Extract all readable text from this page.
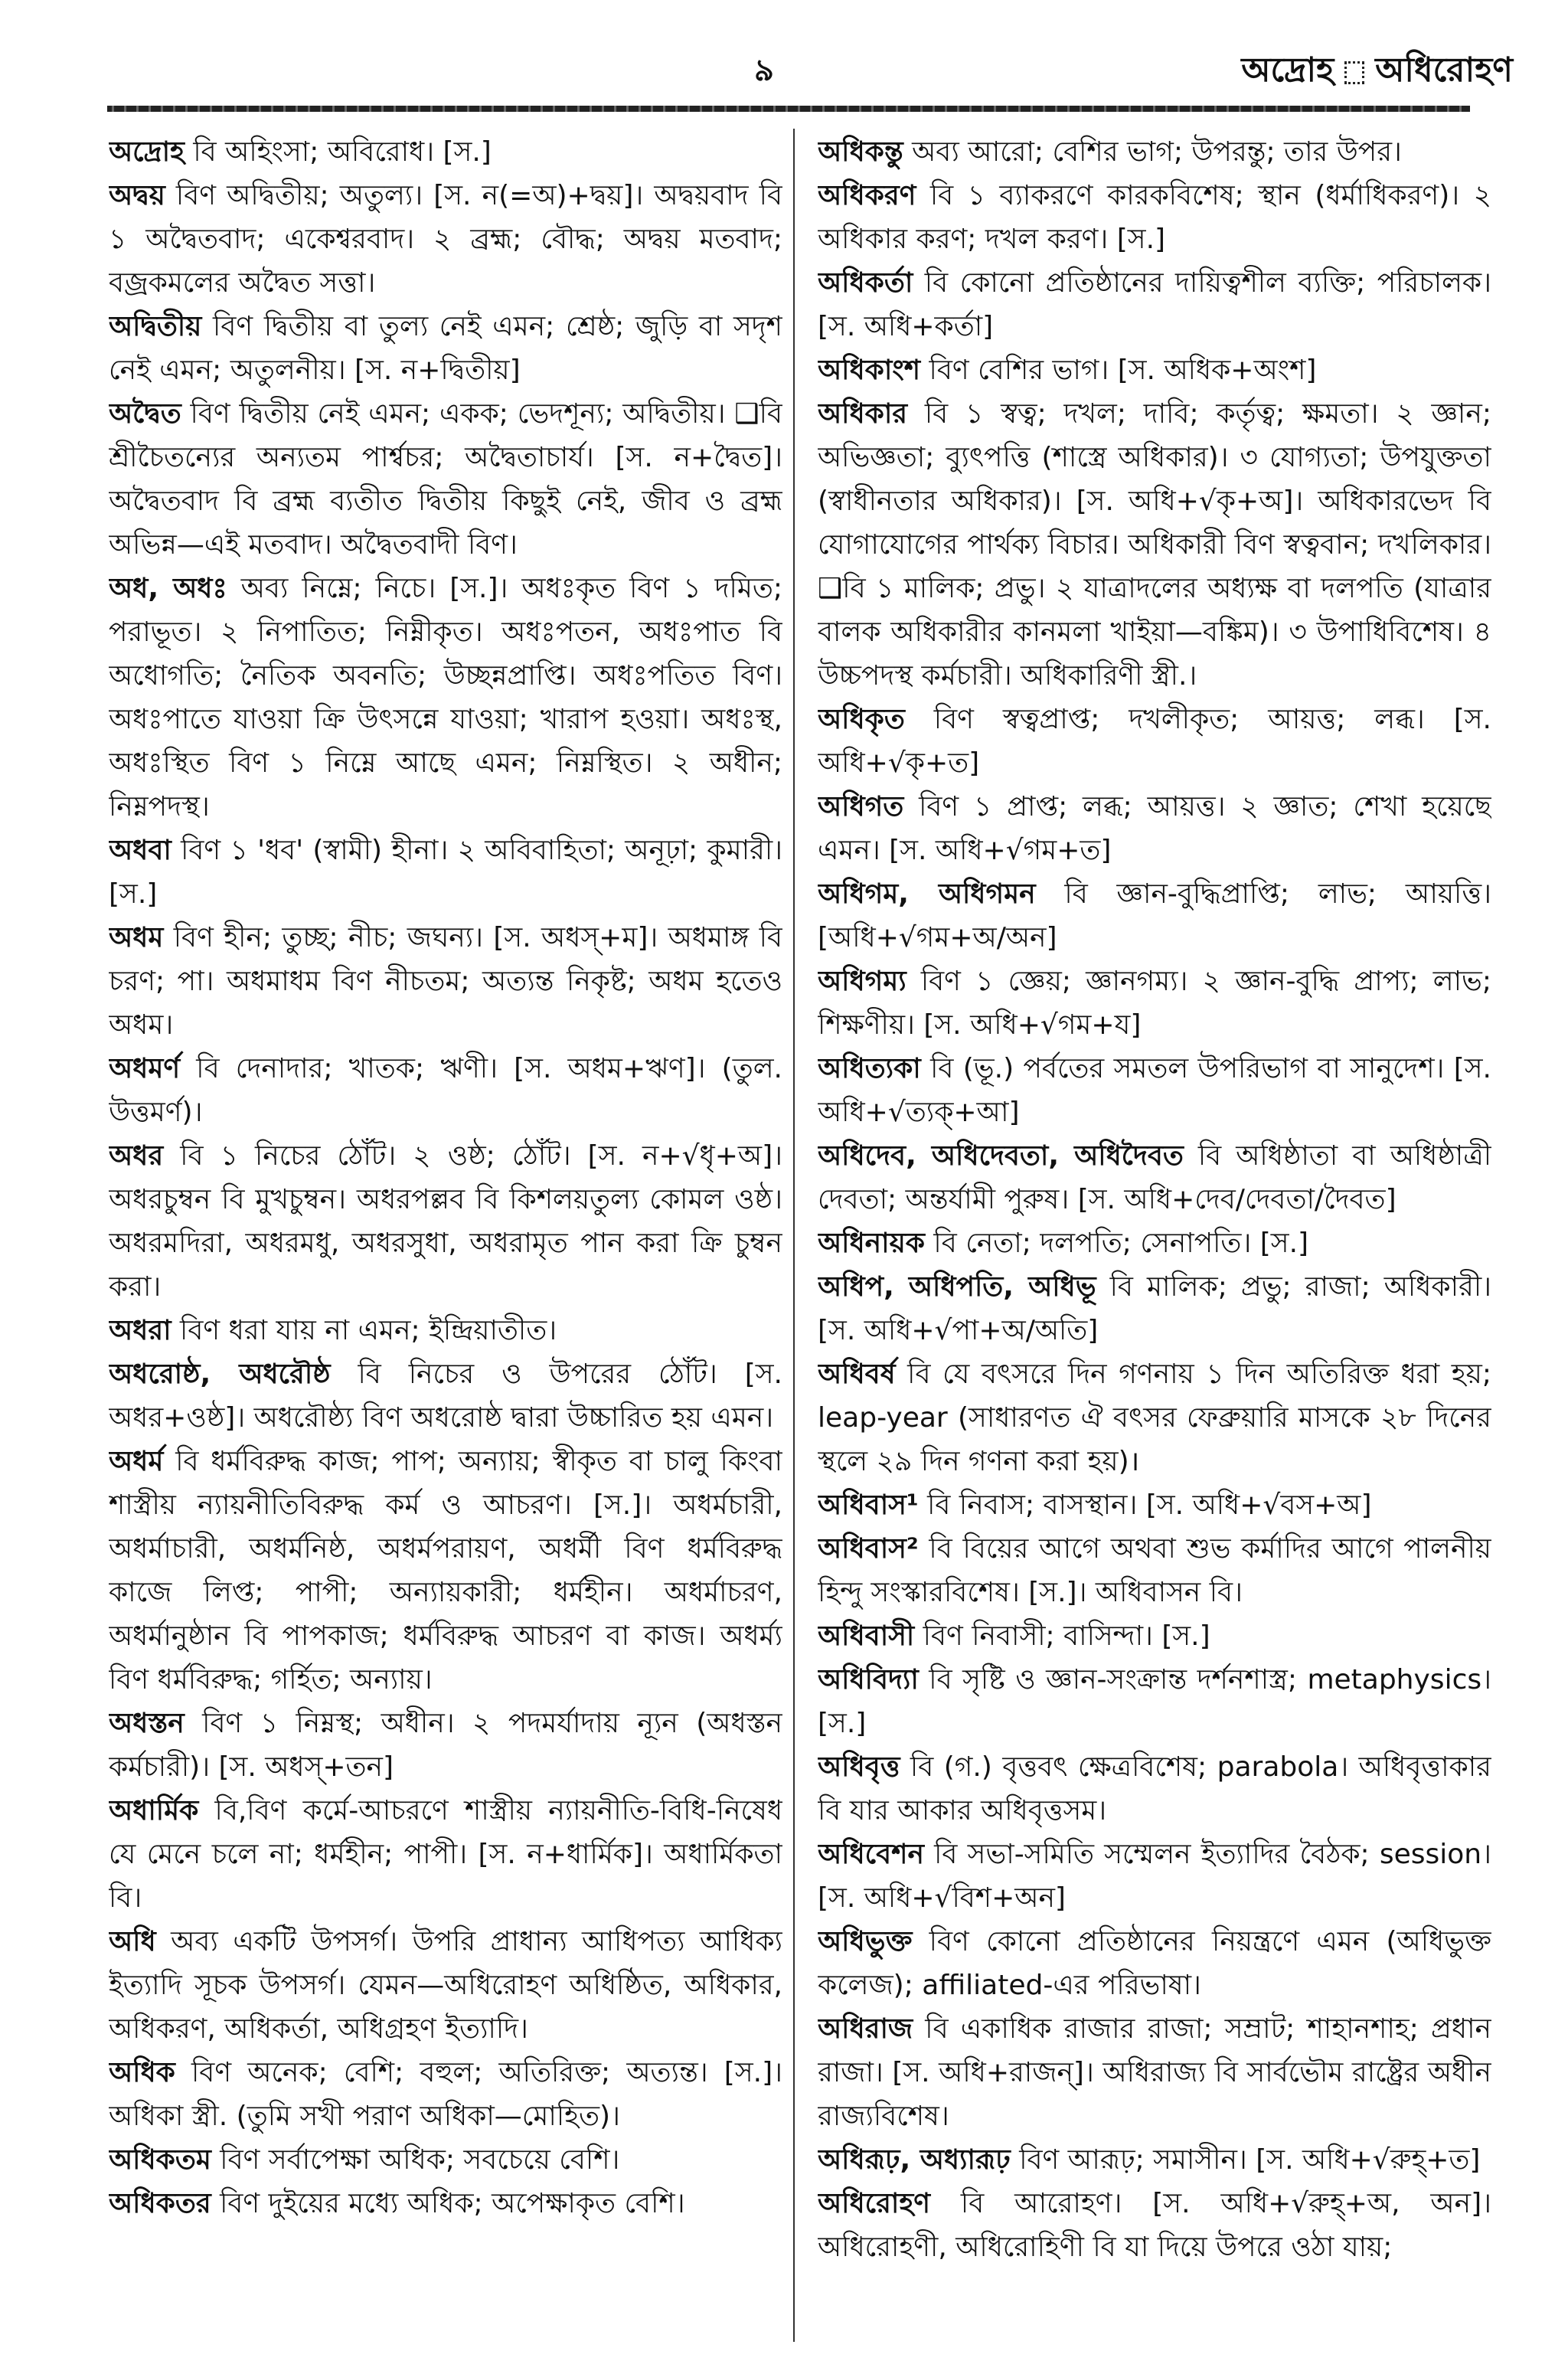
৯	অদ্রোহ অধিরোহণ

অদ্রোহ বি অহিংসা; অবিরোধ। [স.]

অদ্বয় বিণ অদ্বিতীয়; অতুল্য। [স. ন(=অ)+দ্বয়]। অদ্বয়বাদ বি ১ অদ্বৈতবাদ; একেশ্বরবাদ। ২ ব্রহ্ম; বৌদ্ধ; অদ্বয় মতবাদ; বজ্রকমলের অদ্বৈত সত্তা।

অদ্বিতীয় বিণ দ্বিতীয় বা তুল্য নেই এমন; শ্রেষ্ঠ; জুড়ি বা সদৃশ নেই এমন; অতুলনীয়। [স. ন+দ্বিতীয়]

অদ্বৈত বিণ দ্বিতীয় নেই এমন; একক; ভেদশূন্য; অদ্বিতীয়। ❑বি শ্রীচৈতন্যের অন্যতম পার্শ্বচর; অদ্বৈতাচার্য। [স. ন+দ্বৈত]। অদ্বৈতবাদ বি ব্রহ্ম ব্যতীত দ্বিতীয় কিছুই নেই, জীব ও ব্রহ্ম অভিন্ন—এই মতবাদ। অদ্বৈতবাদী বিণ।

অধ, অধঃ অব্য নিম্নে; নিচে। [স.]। অধঃকৃত বিণ ১ দমিত; পরাভূত। ২ নিপাতিত; নিম্নীকৃত। অধঃপতন, অধঃপাত বি অধোগতি; নৈতিক অবনতি; উচ্ছন্নপ্রাপ্তি। অধঃপতিত বিণ। অধঃপাতে যাওয়া ক্রি উৎসন্নে যাওয়া; খারাপ হওয়া। অধঃস্থ, অধঃস্থিত বিণ ১ নিম্নে আছে এমন; নিম্নস্থিত। ২ অধীন; নিম্নপদস্থ।

অধবা বিণ ১ 'ধব' (স্বামী) হীনা। ২ অবিবাহিতা; অনূঢ়া; কুমারী। [স.]

অধম বিণ হীন; তুচ্ছ; নীচ; জঘন্য। [স. অধস্+ম]। অধমাঙ্গ বি চরণ; পা। অধমাধম বিণ নীচতম; অত্যন্ত নিকৃষ্ট; অধম হতেও অধম।

অধমর্ণ বি দেনাদার; খাতক; ঋণী। [স. অধম+ঋণ]। (তুল. উত্তমর্ণ)।

অধর বি ১ নিচের ঠোঁট। ২ ওষ্ঠ; ঠোঁট। [স. ন+√ধৃ+অ]। অধরচুম্বন বি মুখচুম্বন। অধরপল্লব বি কিশলয়তুল্য কোমল ওষ্ঠ। অধরমদিরা, অধরমধু, অধরসুধা, অধরামৃত পান করা ক্রি চুম্বন করা।

অধরা বিণ ধরা যায় না এমন; ইন্দ্রিয়াতীত।

অধরোষ্ঠ, অধরৌষ্ঠ বি নিচের ও উপরের ঠোঁট। [স. অধর+ওষ্ঠ]। অধরৌষ্ঠ্য বিণ অধরোষ্ঠ দ্বারা উচ্চারিত হয় এমন।

অধর্ম বি ধর্মবিরুদ্ধ কাজ; পাপ; অন্যায়; স্বীকৃত বা চালু কিংবা শাস্ত্রীয় ন্যায়নীতিবিরুদ্ধ কর্ম ও আচরণ। [স.]। অধর্মচারী, অধর্মাচারী, অধর্মনিষ্ঠ, অধর্মপরায়ণ, অধর্মী বিণ ধর্মবিরুদ্ধ কাজে লিপ্ত; পাপী; অন্যায়কারী; ধর্মহীন। অধর্মাচরণ, অধর্মানুষ্ঠান বি পাপকাজ; ধর্মবিরুদ্ধ আচরণ বা কাজ। অধর্ম্য বিণ ধর্মবিরুদ্ধ; গর্হিত; অন্যায়।

অধস্তন বিণ ১ নিম্নস্থ; অধীন। ২ পদমর্যাদায় ন্যূন (অধস্তন কর্মচারী)। [স. অধস্+তন]

অধার্মিক বি,বিণ কর্মে-আচরণে শাস্ত্রীয় ন্যায়নীতি-বিধি-নিষেধ যে মেনে চলে না; ধর্মহীন; পাপী। [স. ন+ধার্মিক]। অধার্মিকতা বি।

অধি অব্য একটি উপসর্গ। উপরি প্রাধান্য আধিপত্য আধিক্য ইত্যাদি সূচক উপসর্গ। যেমন—অধিরোহণ অধিষ্ঠিত, অধিকার, অধিকরণ, অধিকর্তা, অধিগ্রহণ ইত্যাদি।

অধিক বিণ অনেক; বেশি; বহুল; অতিরিক্ত; অত্যন্ত। [স.]। অধিকা স্ত্রী. (তুমি সখী পরাণ অধিকা—মোহিত)।

অধিকতম বিণ সর্বাপেক্ষা অধিক; সবচেয়ে বেশি।

অধিকতর বিণ দুইয়ের মধ্যে অধিক; অপেক্ষাকৃত বেশি।

অধিকন্তু অব্য আরো; বেশির ভাগ; উপরন্তু; তার উপর।

অধিকরণ বি ১ ব্যাকরণে কারকবিশেষ; স্থান (ধর্মাধিকরণ)। ২ অধিকার করণ; দখল করণ। [স.]

অধিকর্তা বি কোনো প্রতিষ্ঠানের দায়িত্বশীল ব্যক্তি; পরিচালক। [স. অধি+কর্তা]

অধিকাংশ বিণ বেশির ভাগ। [স. অধিক+অংশ]

অধিকার বি ১ স্বত্ব; দখল; দাবি; কর্তৃত্ব; ক্ষমতা। ২ জ্ঞান; অভিজ্ঞতা; ব্যুৎপত্তি (শাস্ত্রে অধিকার)। ৩ যোগ্যতা; উপযুক্ততা (স্বাধীনতার অধিকার)। [স. অধি+√কৃ+অ]। অধিকারভেদ বি যোগাযোগের পার্থক্য বিচার। অধিকারী বিণ স্বত্ববান; দখলিকার। ❑বি ১ মালিক; প্রভু। ২ যাত্রাদলের অধ্যক্ষ বা দলপতি (যাত্রার বালক অধিকারীর কানমলা খাইয়া—বঙ্কিম)। ৩ উপাধিবিশেষ। ৪ উচ্চপদস্থ কর্মচারী। অধিকারিণী স্ত্রী.।

অধিকৃত বিণ স্বত্বপ্রাপ্ত; দখলীকৃত; আয়ত্ত; লব্ধ। [স. অধি+√কৃ+ত]

অধিগত বিণ ১ প্রাপ্ত; লব্ধ; আয়ত্ত। ২ জ্ঞাত; শেখা হয়েছে এমন। [স. অধি+√গম+ত]

অধিগম, অধিগমন বি জ্ঞান-বুদ্ধিপ্রাপ্তি; লাভ; আয়ত্তি। [অধি+√গম+অ/অন]

অধিগম্য বিণ ১ জ্ঞেয়; জ্ঞানগম্য। ২ জ্ঞান-বুদ্ধি প্রাপ্য; লাভ; শিক্ষণীয়। [স. অধি+√গম+য]

অধিত্যকা বি (ভূ.) পর্বতের সমতল উপরিভাগ বা সানুদেশ। [স. অধি+√ত্যক্+আ]

অধিদেব, অধিদেবতা, অধিদৈবত বি অধিষ্ঠাতা বা অধিষ্ঠাত্রী দেবতা; অন্তর্যামী পুরুষ। [স. অধি+দেব/দেবতা/দৈবত]

অধিনায়ক বি নেতা; দলপতি; সেনাপতি। [স.]

অধিপ, অধিপতি, অধিভূ বি মালিক; প্রভু; রাজা; অধিকারী। [স. অধি+√পা+অ/অতি]

অধিবর্ষ বি যে বৎসরে দিন গণনায় ১ দিন অতিরিক্ত ধরা হয়; leap-year (সাধারণত ঐ বৎসর ফেব্রুয়ারি মাসকে ২৮ দিনের স্থলে ২৯ দিন গণনা করা হয়)।

অধিবাস¹ বি নিবাস; বাসস্থান। [স. অধি+√বস+অ]

অধিবাস² বি বিয়ের আগে অথবা শুভ কর্মাদির আগে পালনীয় হিন্দু সংস্কারবিশেষ। [স.]। অধিবাসন বি।

অধিবাসী বিণ নিবাসী; বাসিন্দা। [স.]

অধিবিদ্যা বি সৃষ্টি ও জ্ঞান-সংক্রান্ত দর্শনশাস্ত্র; metaphysics। [স.]

অধিবৃত্ত বি (গ.) বৃত্তবৎ ক্ষেত্রবিশেষ; parabola। অধিবৃত্তাকার বি যার আকার অধিবৃত্তসম।

অধিবেশন বি সভা-সমিতি সম্মেলন ইত্যাদির বৈঠক; session। [স. অধি+√বিশ+অন]

অধিভুক্ত বিণ কোনো প্রতিষ্ঠানের নিয়ন্ত্রণে এমন (অধিভুক্ত কলেজ); affiliated-এর পরিভাষা।

অধিরাজ বি একাধিক রাজার রাজা; সম্রাট; শাহানশাহ; প্রধান রাজা। [স. অধি+রাজন্]। অধিরাজ্য বি সার্বভৌম রাষ্ট্রের অধীন রাজ্যবিশেষ।

অধিরূঢ়, অধ্যারূঢ় বিণ আরূঢ়; সমাসীন। [স. অধি+√রুহ্+ত]

অধিরোহণ বি আরোহণ। [স. অধি+√রুহ্+অ, অন]। অধিরোহণী, অধিরোহিণী বি যা দিয়ে উপরে ওঠা যায়;
